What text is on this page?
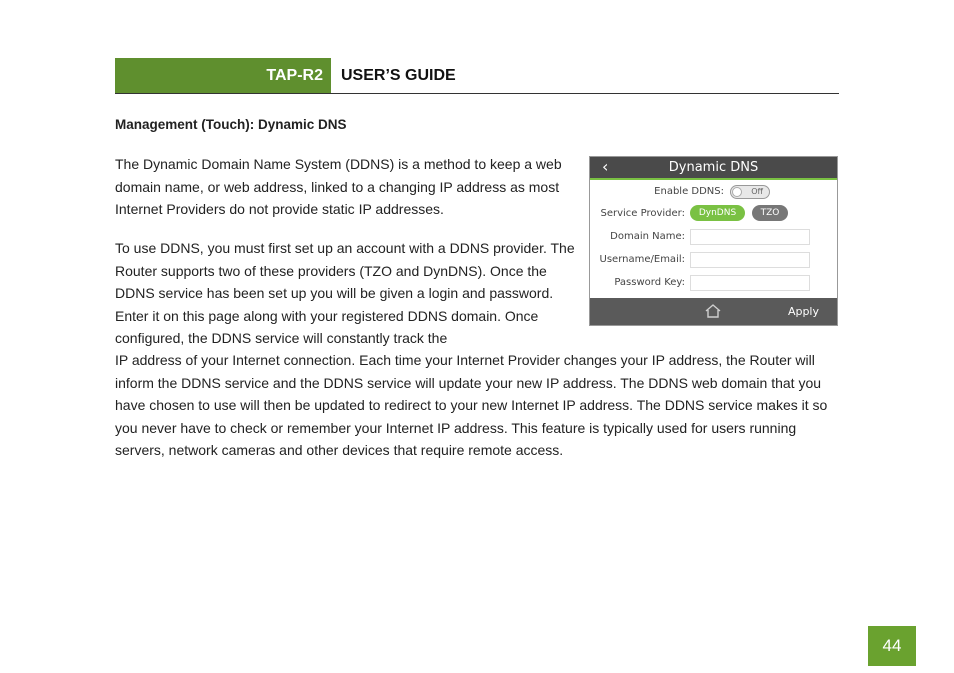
TAP-R2	USER’S GUIDE
Management (Touch): Dynamic DNS
The Dynamic Domain Name System (DDNS) is a method to keep a web domain name, or web address, linked to a changing IP address as most Internet Providers do not provide static IP addresses.
To use DDNS, you must first set up an account with a DDNS provider. The Router supports two of these providers (TZO and DynDNS). Once the DDNS service has been set up you will be given a login and password. Enter it on this page along with your registered DDNS domain. Once configured, the DDNS service will constantly track the
IP address of your Internet connection. Each time your Internet Provider changes your IP address, the Router will inform the DDNS service and the DDNS service will update your new IP address. The DDNS web domain that you have chosen to use will then be updated to redirect to your new Internet IP address. The DDNS service makes it so you never have to check or remember your Internet IP address. This feature is typically used for users running servers, network cameras and other devices that require remote access.
‹	Dynamic DNS
Enable DDNS:	Off
Service Provider:	DynDNS	TZO
Domain Name:
Username/Email:
Password Key:
Apply
44
